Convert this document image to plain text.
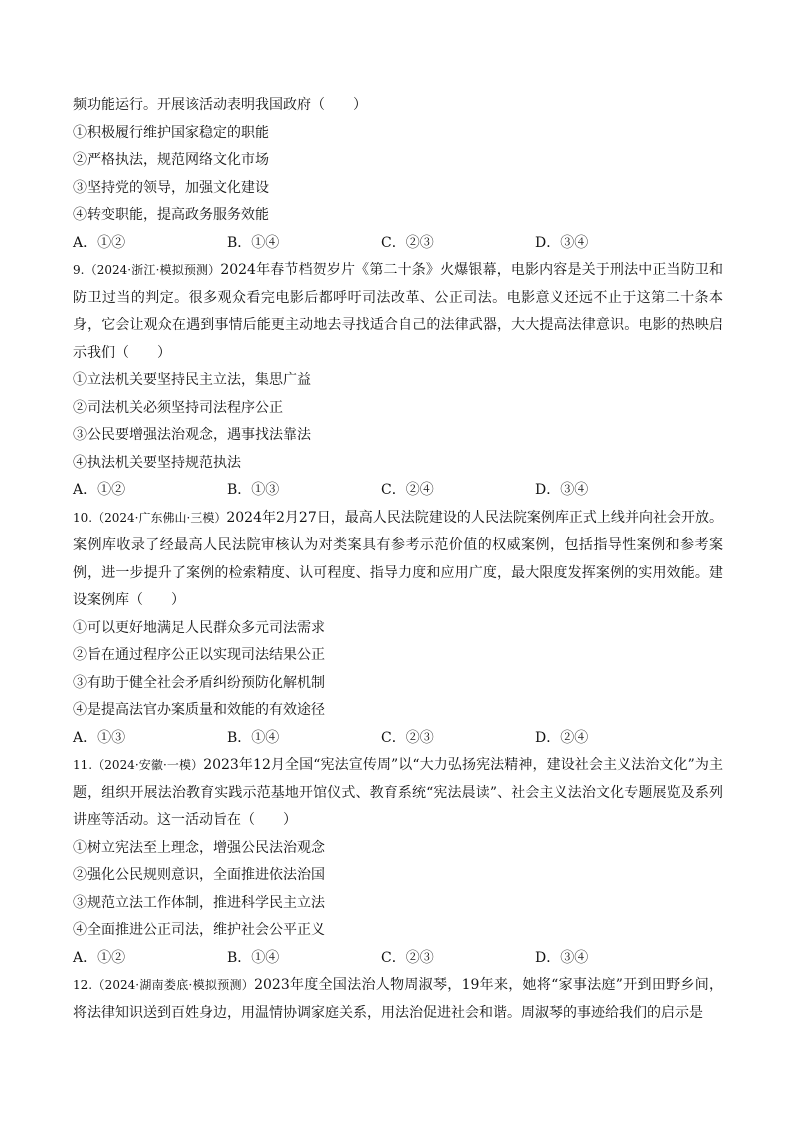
频功能运行。开展该活动表明我国政府（　　）
①积极履行维护国家稳定的职能
②严格执法，规范网络文化市场
③坚持党的领导，加强文化建设
④转变职能，提高政务服务效能
A．①②	B．①④	C．②③	D．③④
9.（2024·浙江·模拟预测）2024年春节档贺岁片《第二十条》火爆银幕，电影内容是关于刑法中正当防卫和防卫过当的判定。很多观众看完电影后都呼吁司法改革、公正司法。电影意义还远不止于这第二十条本身，它会让观众在遇到事情后能更主动地去寻找适合自己的法律武器，大大提高法律意识。电影的热映启示我们（　　）
①立法机关要坚持民主立法，集思广益
②司法机关必须坚持司法程序公正
③公民要增强法治观念，遇事找法靠法
④执法机关要坚持规范执法
A．①②	B．①③	C．②④	D．③④
10.（2024·广东佛山·三模）2024年2月27日，最高人民法院建设的人民法院案例库正式上线并向社会开放。案例库收录了经最高人民法院审核认为对类案具有参考示范价值的权威案例，包括指导性案例和参考案例，进一步提升了案例的检索精度、认可程度、指导力度和应用广度，最大限度发挥案例的实用效能。建设案例库（　　）
①可以更好地满足人民群众多元司法需求
②旨在通过程序公正以实现司法结果公正
③有助于健全社会矛盾纠纷预防化解机制
④是提高法官办案质量和效能的有效途径
A．①③	B．①④	C．②③	D．②④
11.（2024·安徽·一模）2023年12月全国“宪法宣传周”以“大力弘扬宪法精神，建设社会主义法治文化”为主题，组织开展法治教育实践示范基地开馆仪式、教育系统“宪法晨读”、社会主义法治文化专题展览及系列讲座等活动。这一活动旨在（　　）
①树立宪法至上理念，增强公民法治观念
②强化公民规则意识，全面推进依法治国
③规范立法工作体制，推进科学民主立法
④全面推进公正司法，维护社会公平正义
A．①②	B．①④	C．②③	D．③④
12.（2024·湖南娄底·模拟预测）2023年度全国法治人物周淑琴，19年来，她将“家事法庭”开到田野乡间，将法律知识送到百姓身边，用温情协调家庭关系，用法治促进社会和谐。周淑琴的事迹给我们的启示是
